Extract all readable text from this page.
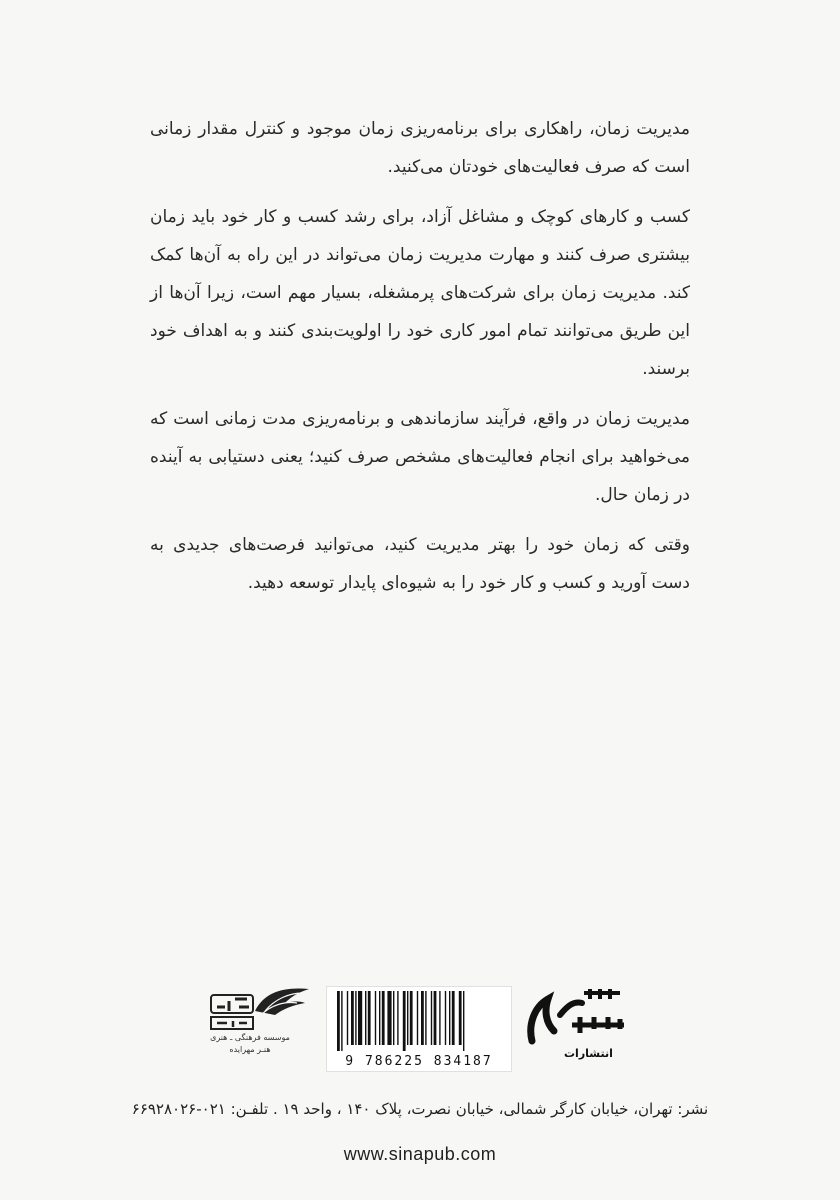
مدیریت زمان، راهکاری برای برنامه‌ریزی زمان موجود و کنترل مقدار زمانی است که صرف فعالیت‌های خودتان می‌کنید.

کسب و کارهای کوچک و مشاغل آزاد، برای رشد کسب و کار خود باید زمان بیشتری صرف کنند و مهارت مدیریت زمان می‌تواند در این راه به آن‌ها کمک کند. مدیریت زمان برای شرکت‌های پرمشغله، بسیار مهم است، زیرا آن‌ها از این طریق می‌توانند تمام امور کاری خود را اولویت‌بندی کنند و به اهداف خود برسند.

مدیریت زمان در واقع، فرآیند سازماندهی و برنامه‌ریزی مدت زمانی است که می‌خواهید برای انجام فعالیت‌های مشخص صرف کنید؛ یعنی دستیابی به آینده در زمان حال.

وقتی که زمان خود را بهتر مدیریت کنید، می‌توانید فرصت‌های جدیدی به دست آورید و کسب و کار خود را به شیوه‌ای پایدار توسعه دهید.

موسسه فرهنگی ـ هنری
هنـر مهرایده
9 786225 834187
انتشارات
نشر: تهران، خیابان کارگر شمالی، خیابان نصرت، پلاک ۱۴۰ ، واحد ۱۹ . تلفـن: ۰۲۱-۶۶۹۲۸۰۲۶
www.sinapub.com
